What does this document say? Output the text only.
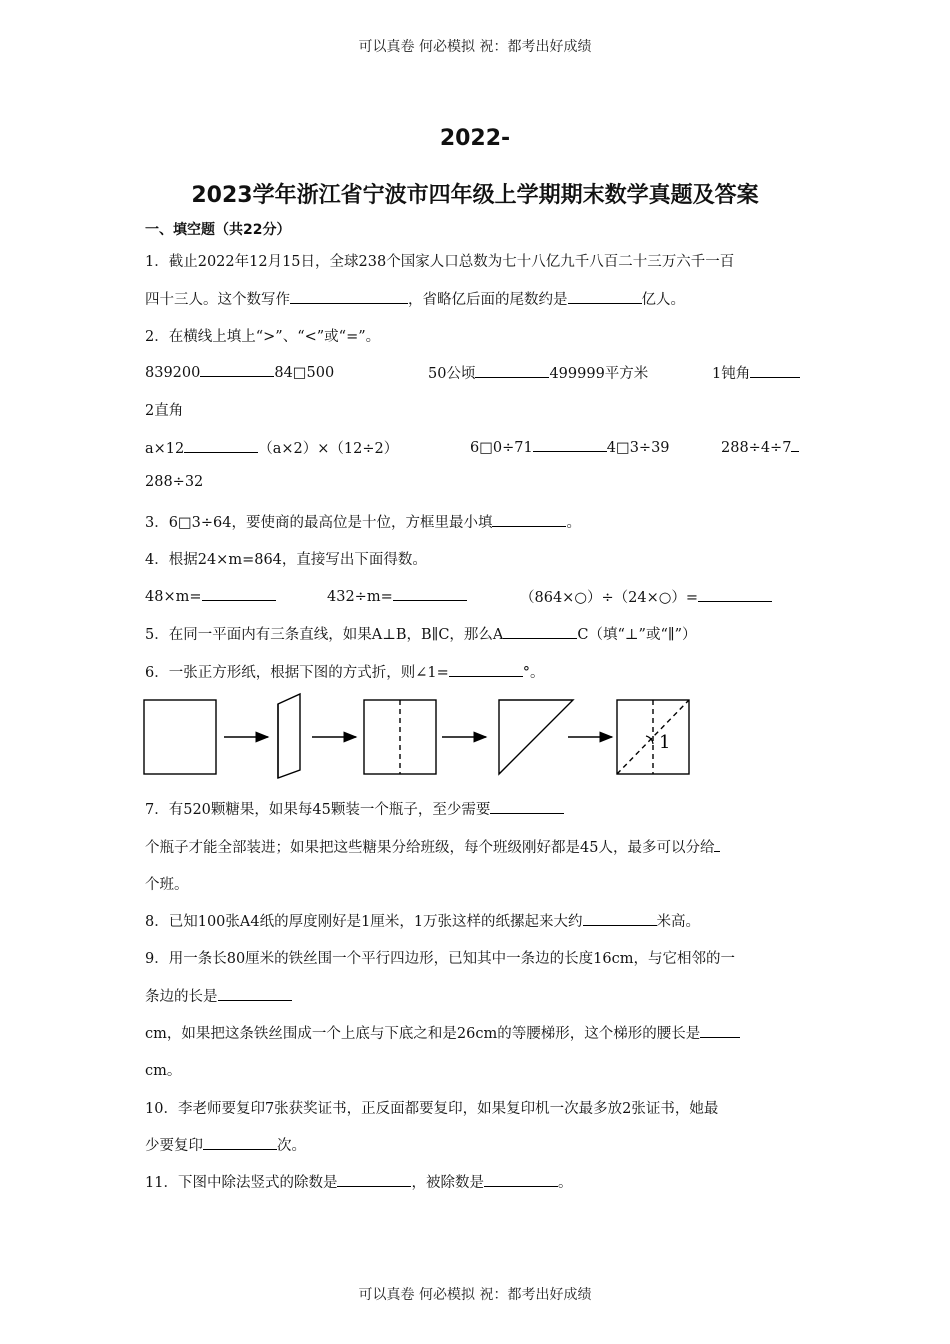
可以真卷 何必模拟 祝：都考出好成绩
2022-
2023学年浙江省宁波市四年级上学期期末数学真题及答案
一、填空题（共22分）
1．截止2022年12月15日，全球238个国家人口总数为七十八亿九千八百二十三万六千一百
四十三人。这个数写作	，省略亿后面的尾数约是	亿人。
2．在横线上填上“>”、“<”或“=”。
839200	84□500	50公顷	499999平方米	1钝角
2直角
a×12	（a×2）×（12÷2）	6□0÷71	4□3÷39	288÷4÷7
288÷32
3．6□3÷64，要使商的最高位是十位，方框里最小填	。
4．根据24×m=864，直接写出下面得数。
48×m=	432÷m=	（864×○）÷（24×○）=
5．在同一平面内有三条直线，如果A⊥B，B∥C，那么A	C（填“⊥”或“∥”）
6．一张正方形纸，根据下图的方式折，则∠1=	°。
1
7．有520颗糖果，如果每45颗装一个瓶子，至少需要
个瓶子才能全部装进；如果把这些糖果分给班级，每个班级刚好都是45人，最多可以分给
个班。
8．已知100张A4纸的厚度刚好是1厘米，1万张这样的纸摞起来大约	米高。
9．用一条长80厘米的铁丝围一个平行四边形，已知其中一条边的长度16cm，与它相邻的一
条边的长是
cm，如果把这条铁丝围成一个上底与下底之和是26cm的等腰梯形，这个梯形的腰长是
cm。
10．李老师要复印7张获奖证书，正反面都要复印，如果复印机一次最多放2张证书，她最
少要复印	次。
11．下图中除法竖式的除数是	，被除数是	。
可以真卷 何必模拟 祝：都考出好成绩
